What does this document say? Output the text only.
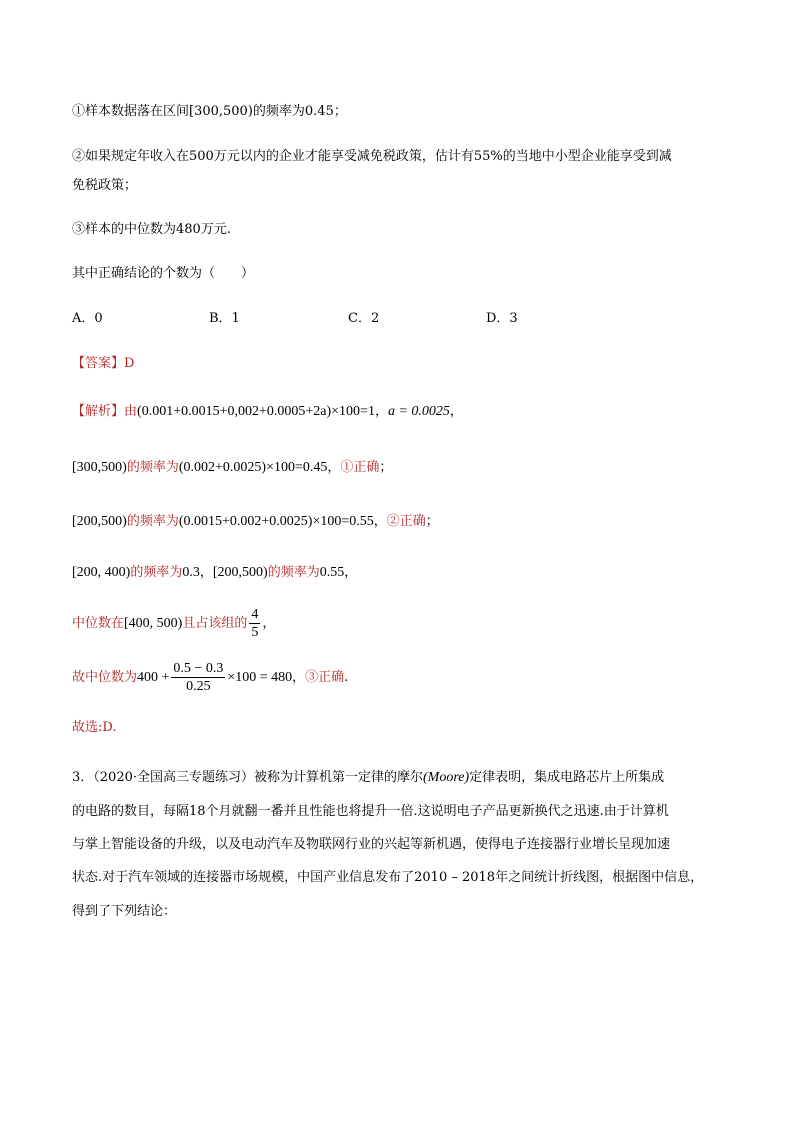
①样本数据落在区间[300,500)的频率为0.45；
②如果规定年收入在500万元以内的企业才能享受减免税政策，估计有55%的当地中小型企业能享受到减
免税政策；
③样本的中位数为480万元.
其中正确结论的个数为（　　）
A．0	B．1	C．2	D．3
【答案】D
【解析】由(0.001+0.0015+0,002+0.0005+2a)×100=1，a = 0.0025，
[300,500)的频率为(0.002+0.0025)×100=0.45，①正确；
[200,500)的频率为(0.0015+0.002+0.0025)×100=0.55，②正确；
[200, 400)的频率为0.3，[200,500)的频率为0.55，
中位数在[400, 500)且占该组的 $\frac{4}{5}$ ，
故中位数为$400 + \frac{0.5 - 0.3}{0.25} \times 100 = 480$，③正确.
故选:D.
3．（2020·全国高三专题练习）被称为计算机第一定律的摩尔(Moore)定律表明，集成电路芯片上所集成
的电路的数目，每隔18个月就翻一番并且性能也将提升一倍.这说明电子产品更新换代之迅速.由于计算机
与掌上智能设备的升级，以及电动汽车及物联网行业的兴起等新机遇，使得电子连接器行业增长呈现加速
状态.对于汽车领域的连接器市场规模，中国产业信息发布了2010 – 2018年之间统计折线图，根据图中信息，
得到了下列结论：
